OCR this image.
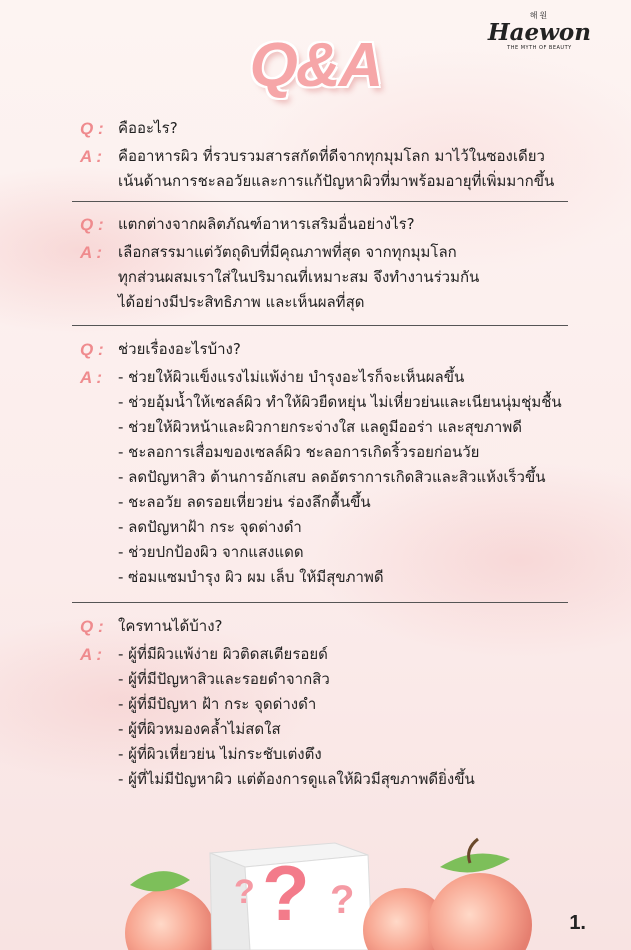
해원
Haewon
THE MYTH OF BEAUTY
Q&A
Q : คืออะไร?
A :	คืออาหารผิว ที่รวบรวมสารสกัดที่ดีจากทุกมุมโลก มาไว้ในซองเดียว
เน้นด้านการชะลอวัยและการแก้ปัญหาผิวที่มาพร้อมอายุที่เพิ่มมากขึ้น
Q : แตกต่างจากผลิตภัณฑ์อาหารเสริมอื่นอย่างไร?
A :	เลือกสรรมาแต่วัตถุดิบที่มีคุณภาพที่สุด จากทุกมุมโลก
ทุกส่วนผสมเราใส่ในปริมาณที่เหมาะสม จึงทำงานร่วมกัน
ได้อย่างมีประสิทธิภาพ และเห็นผลที่สุด
Q : ช่วยเรื่องอะไรบ้าง?
A :	- ช่วยให้ผิวแข็งแรงไม่แพ้ง่าย บำรุงอะไรก็จะเห็นผลขึ้น
- ช่วยอุ้มน้ำให้เซลล์ผิว ทำให้ผิวยืดหยุ่น ไม่เหี่ยวย่นและเนียนนุ่มชุ่มชื้น
- ช่วยให้ผิวหน้าและผิวกายกระจ่างใส แลดูมีออร่า และสุขภาพดี
- ชะลอการเสื่อมของเซลล์ผิว ชะลอการเกิดริ้วรอยก่อนวัย
- ลดปัญหาสิว ต้านการอักเสบ ลดอัตราการเกิดสิวและสิวแห้งเร็วขึ้น
- ชะลอวัย ลดรอยเหี่ยวย่น ร่องลึกตื้นขึ้น
- ลดปัญหาฝ้า กระ จุดด่างดำ
- ช่วยปกป้องผิว จากแสงแดด
- ซ่อมแซมบำรุง ผิว ผม เล็บ ให้มีสุขภาพดี
Q : ใครทานได้บ้าง?
A :	- ผู้ที่มีผิวแพ้ง่าย ผิวติดสเตียรอยด์
- ผู้ที่มีปัญหาสิวและรอยดำจากสิว
- ผู้ที่มีปัญหา ฝ้า กระ จุดด่างดำ
- ผู้ที่ผิวหมองคล้ำไม่สดใส
- ผู้ที่ผิวเหี่ยวย่น ไม่กระชับเต่งตึง
- ผู้ที่ไม่มีปัญหาผิว แต่ต้องการดูแลให้ผิวมีสุขภาพดียิ่งขึ้น
?
? ?
1.
